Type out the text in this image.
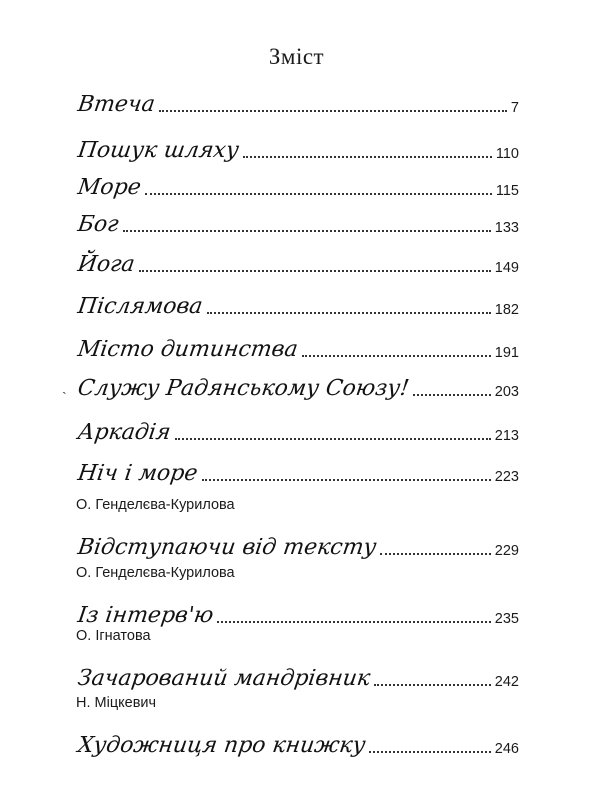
Зміст
ˎ
Втеча	7
Пошук шляху	110
Море	115
Бог	133
Йога	149
Післямова	182
Місто дитинства	191
Служу Радянському Союзу!	203
Аркадія	213
Ніч і море	223
О. Генделєва-Курилова
Відступаючи від тексту	229
О. Генделєва-Курилова
Із інтерв'ю	235
О. Ігнатова
Зачарований мандрівник	242
Н. Міцкевич
Художниця про книжку	246
